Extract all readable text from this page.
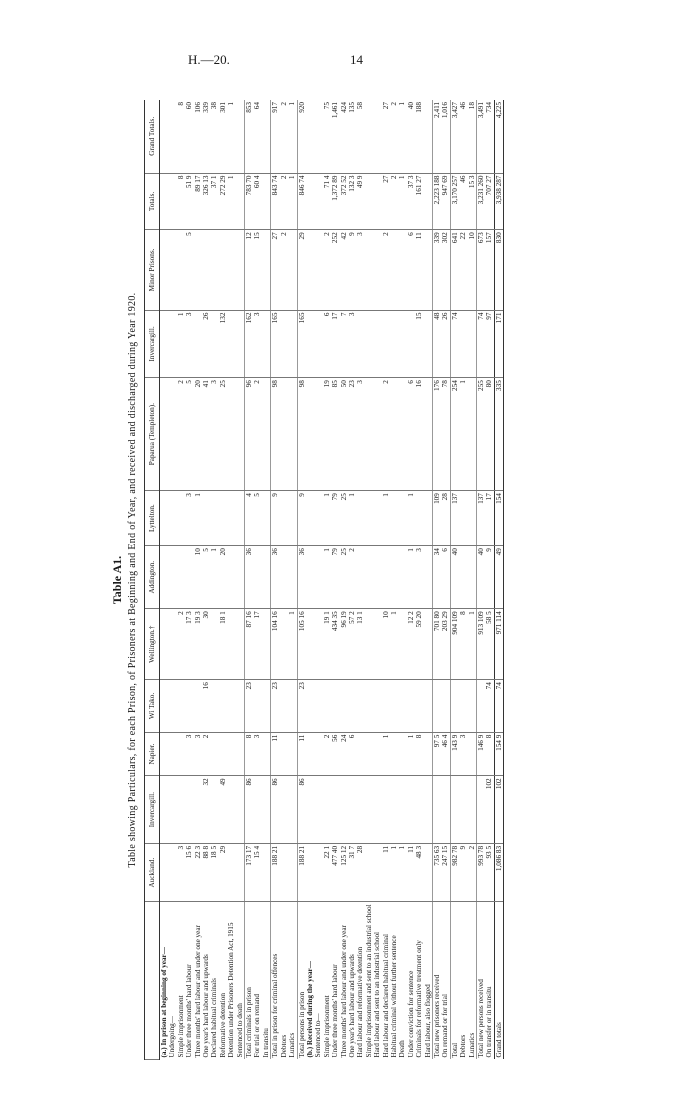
H.—20.	14
Table A1. Table showing Particulars, for each Prison, of Prisoners at Beginning and End of Year, and received and discharged during Year 1920.
	Auckland.	Invercargill.	Napier.	Wi Tako.	Wellington.†	Addington.	Lyttelton.	Paparua (Templeton).	Invercargill.	Minor Prisons.	Totals.	Grand Totals.
(a.) In prison at beginning of year—												
Undergoing—												
Simple imprisonment	3				2			2	1		8	8
Under three months' hard labour	15 6		3		17 3		3	5	3	5	51 9	60
Three months' hard labour and under one year	22 3		3		19 3	10	1	20			89 17	106
One year's hard labour and upwards	88 8	32	2	16	30	5		41	26		326 13	339
Declared habitual criminals	18 5					1		3			37 1	38
Reformative detention	29	49			18 1	20		25	132		272 29	301
Detention under Prisoners Detention Act, 1915											1	1
Sentenced to death												
Total criminals in prison	173 17	86	8	23	87 16	36	4	96	162	12	783 70	853
For trial or on remand	15 4		3		17		5	2	3	15	60 4	64
In transitu												
Total in prison for criminal offences	188 21	86	11	23	104 16	36	9	98	165	27	843 74	917
Debtors										2	2	2
Lunatics					1						1	1
Total persons in prison	188 21	86	11	23	105 16	36	9	98	165	29	846 74	920
(b.) Received during the year—												
Sentenced to—												
Simple imprisonment	22 1		2		19 1	1	1	19	6	2	71 4	75
Under three months' hard labour	477 40		56		434 35	79	79	85	17	252	1,372 89	1,461
Three months' hard labour and under one year	125 12		24		96 19	25	25	50	7	42	372 52	424
One year's hard labour and upwards	31 7		6		57 2	2	1	23	3	9	132 3	135
Hard labour and reformative detention	28				13 1			3		3	49 9	58
Simple imprisonment and sent to an industrial school												
Hard labour and sent to an industrial school												
Hard labour and declared habitual criminal	11		1		10		1	2		2	27	27
Habitual criminal without further sentence	1				1						2	2
Death	1										1	1
Under conviction for sentence	11		1		12 2	1	1	6		6	37 3	40
Criminals for reformative treatment only	48 3		8		59 20	3		16	15	11	161 27	188
Hard labour, also flogged												
Total new prisoners received	735 63		97 5		701 80	34	109	176	48	339	2,223 188	2,411
On remand or for trial	247 15		46 4		203 29	6	28	78	26	302	947 69	1,016
Total	982 78		143 9		904 109	40	137	254	74	641	3,170 257	3,427
Debtors	9		3		8			1		22	46	46
Lunatics	2				1					10	15 3	18
Total new persons received	993 78		146 9		913 109	40	137	255	74	673	3,231 260	3,491
On transfer or in transitu	93 5	102	8	74	58 5	9	17	80	97	157	707 27	734
Grand totals	1,086 83	102	154 9	74	971 114	49	154	335	171	830	3,938 287	4,225
